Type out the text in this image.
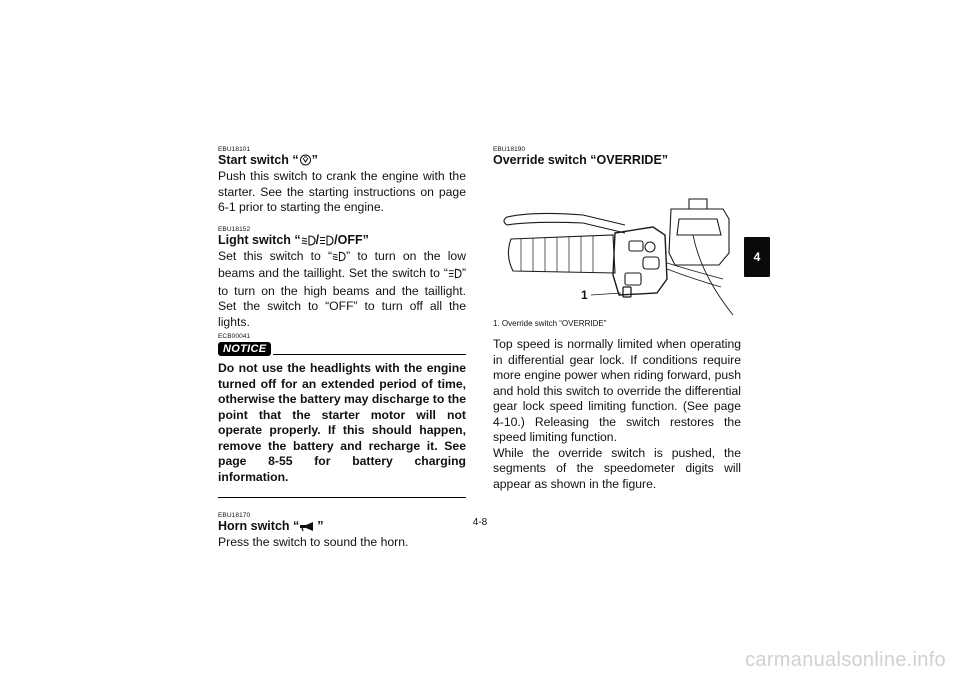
EBU18101
Start switch “ ”
Push this switch to crank the engine with the starter. See the starting instructions on page 6-1 prior to starting the engine.
EBU18152
Light switch “ / /OFF”
Set this switch to “ ” to turn on the low beams and the taillight. Set the switch to “ ” to turn on the high beams and the taillight. Set the switch to “OFF” to turn off all the lights.
ECB00041
NOTICE
Do not use the headlights with the engine turned off for an extended period of time, otherwise the battery may discharge to the point that the starter motor will not operate properly. If this should happen, remove the battery and recharge it. See page 8-55 for battery charging information.
EBU18170
Horn switch “ ”
Press the switch to sound the horn.
EBU18190
Override switch “OVERRIDE”
1
1. Override switch “OVERRIDE”
Top speed is normally limited when operating in differential gear lock. If conditions require more engine power when riding forward, push and hold this switch to override the differential gear lock speed limiting function. (See page 4-10.) Releasing the switch restores the speed limiting function.
While the override switch is pushed, the segments of the speedometer digits will appear as shown in the figure.
4
4-8
carmanualsonline.info
